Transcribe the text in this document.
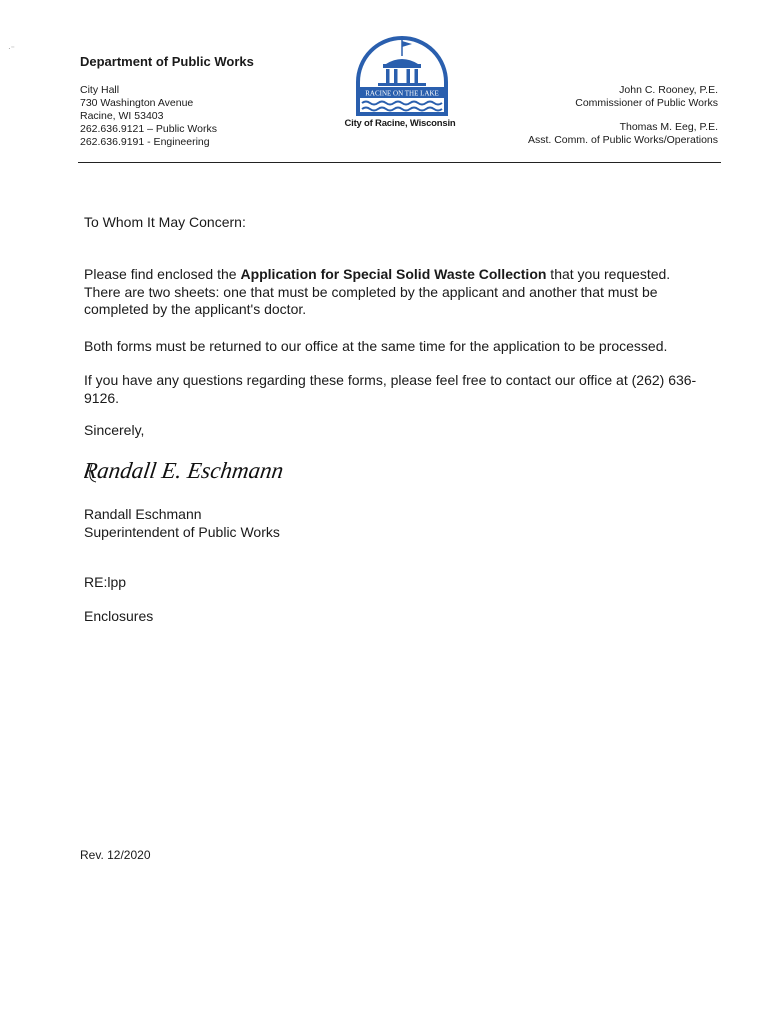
·⁻
Department of Public Works
City Hall
730 Washington Avenue
Racine, WI 53403
262.636.9121 – Public Works
262.636.9191 - Engineering
RACINE ON THE LAKE
City of Racine, Wisconsin
John C. Rooney, P.E.
Commissioner of Public Works
Thomas M. Eeg, P.E.
Asst. Comm. of Public Works/Operations
To Whom It May Concern:
Please find enclosed the Application for Special Solid Waste Collection that you requested. There are two sheets: one that must be completed by the applicant and another that must be completed by the applicant's doctor.
Both forms must be returned to our office at the same time for the application to be processed.
If you have any questions regarding these forms, please feel free to contact our office at (262) 636-9126.
Sincerely,
Randall E. Eschmann
Randall Eschmann
Superintendent of Public Works
RE:lpp
Enclosures
Rev. 12/2020
